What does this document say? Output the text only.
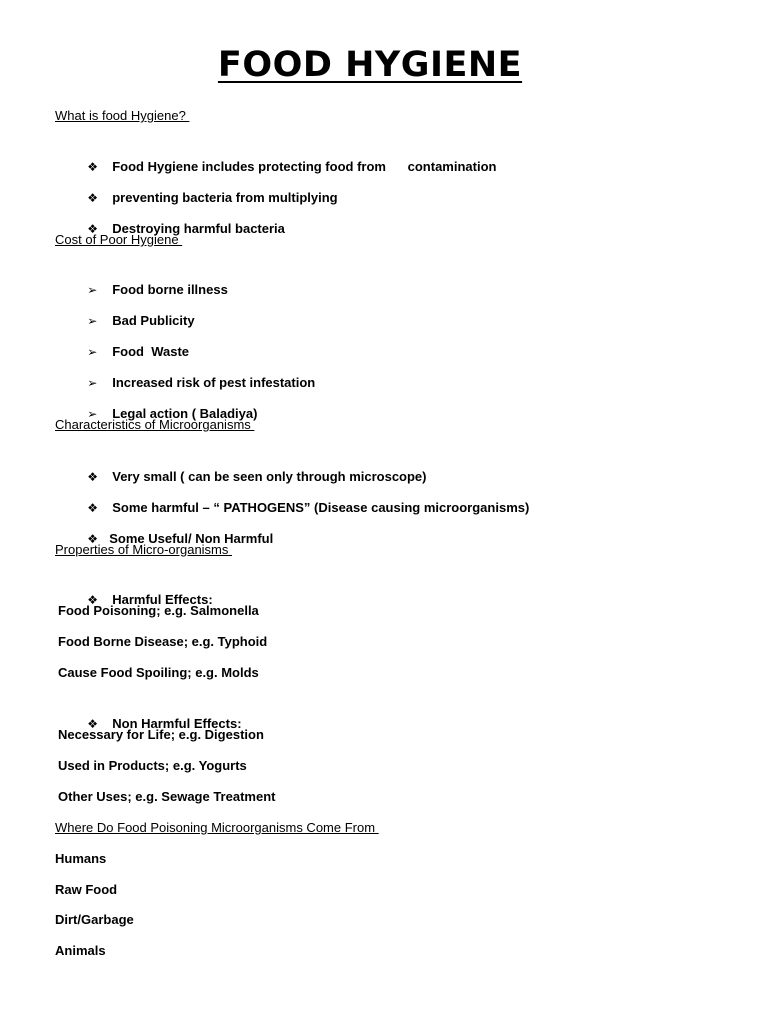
FOOD HYGIENE
What is food Hygiene?

❖ Food Hygiene includes protecting food from      contamination

❖ preventing bacteria from multiplying

❖ Destroying harmful bacteria

Cost of Poor Hygiene

➢ Food borne illness

➢ Bad Publicity

➢ Food  Waste

➢ Increased risk of pest infestation

➢ Legal action ( Baladiya)

Characteristics of Microorganisms

❖ Very small ( can be seen only through microscope)

❖ Some harmful – “ PATHOGENS” (Disease causing microorganisms)

❖ Some Useful/ Non Harmful

Properties of Micro-organisms

❖ Harmful Effects:

Food Poisoning; e.g. Salmonella
Food Borne Disease; e.g. Typhoid
Cause Food Spoiling; e.g. Molds

❖ Non Harmful Effects:

Necessary for Life; e.g. Digestion
Used in Products; e.g. Yogurts
Other Uses; e.g. Sewage Treatment
Where Do Food Poisoning Microorganisms Come From
Humans
Raw Food
Dirt/Garbage
Animals
